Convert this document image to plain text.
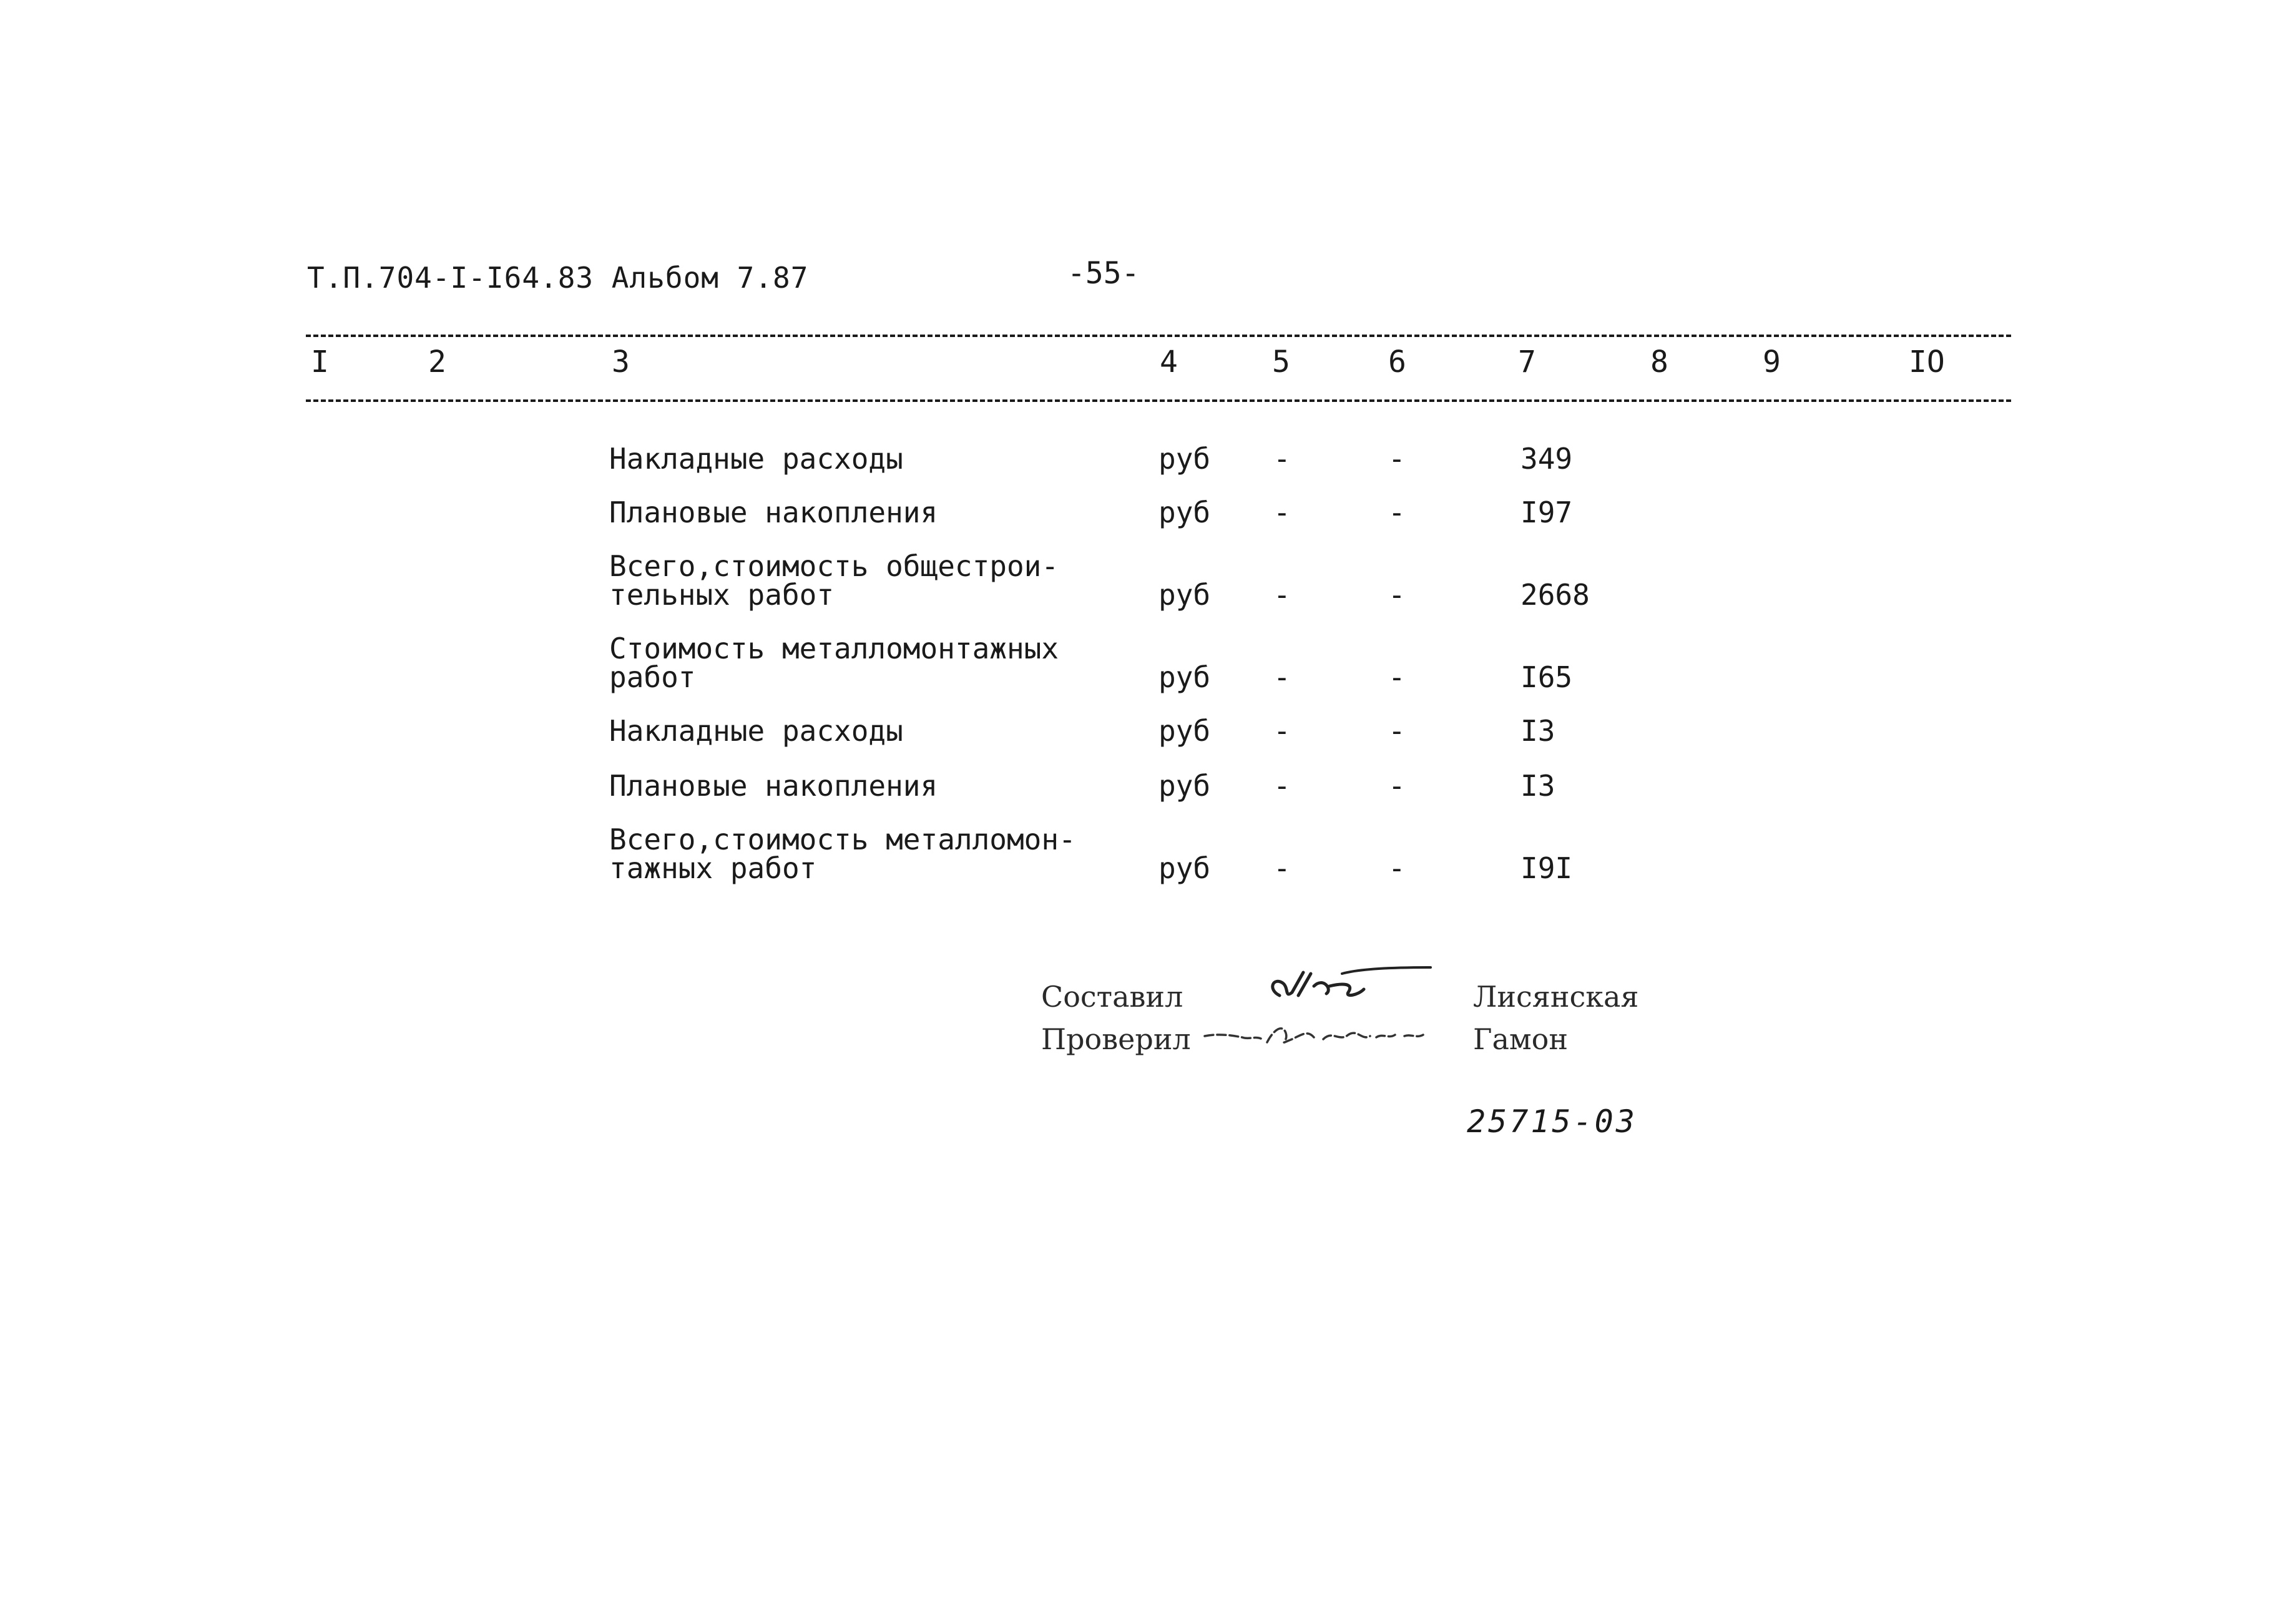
Т.П.704-I-I64.83 Альбом 7.87	-55-
I	2	3	4	5	6	7	8	9	IO
Накладные расходы	руб -	-	349
Плановые накопления	руб -	-	I97
Всего,стоимость общестрои-
тельных работ	руб -	-	2668
Стоимость металломонтажных
работ	руб -	-	I65
Накладные расходы	руб -	-	I3
Плановые накопления	руб -	-	I3
Всего,стоимость металломон-
тажных работ	руб -	-	I9I
Составил	Лисянская
Проверил	Гамон
25715-03
